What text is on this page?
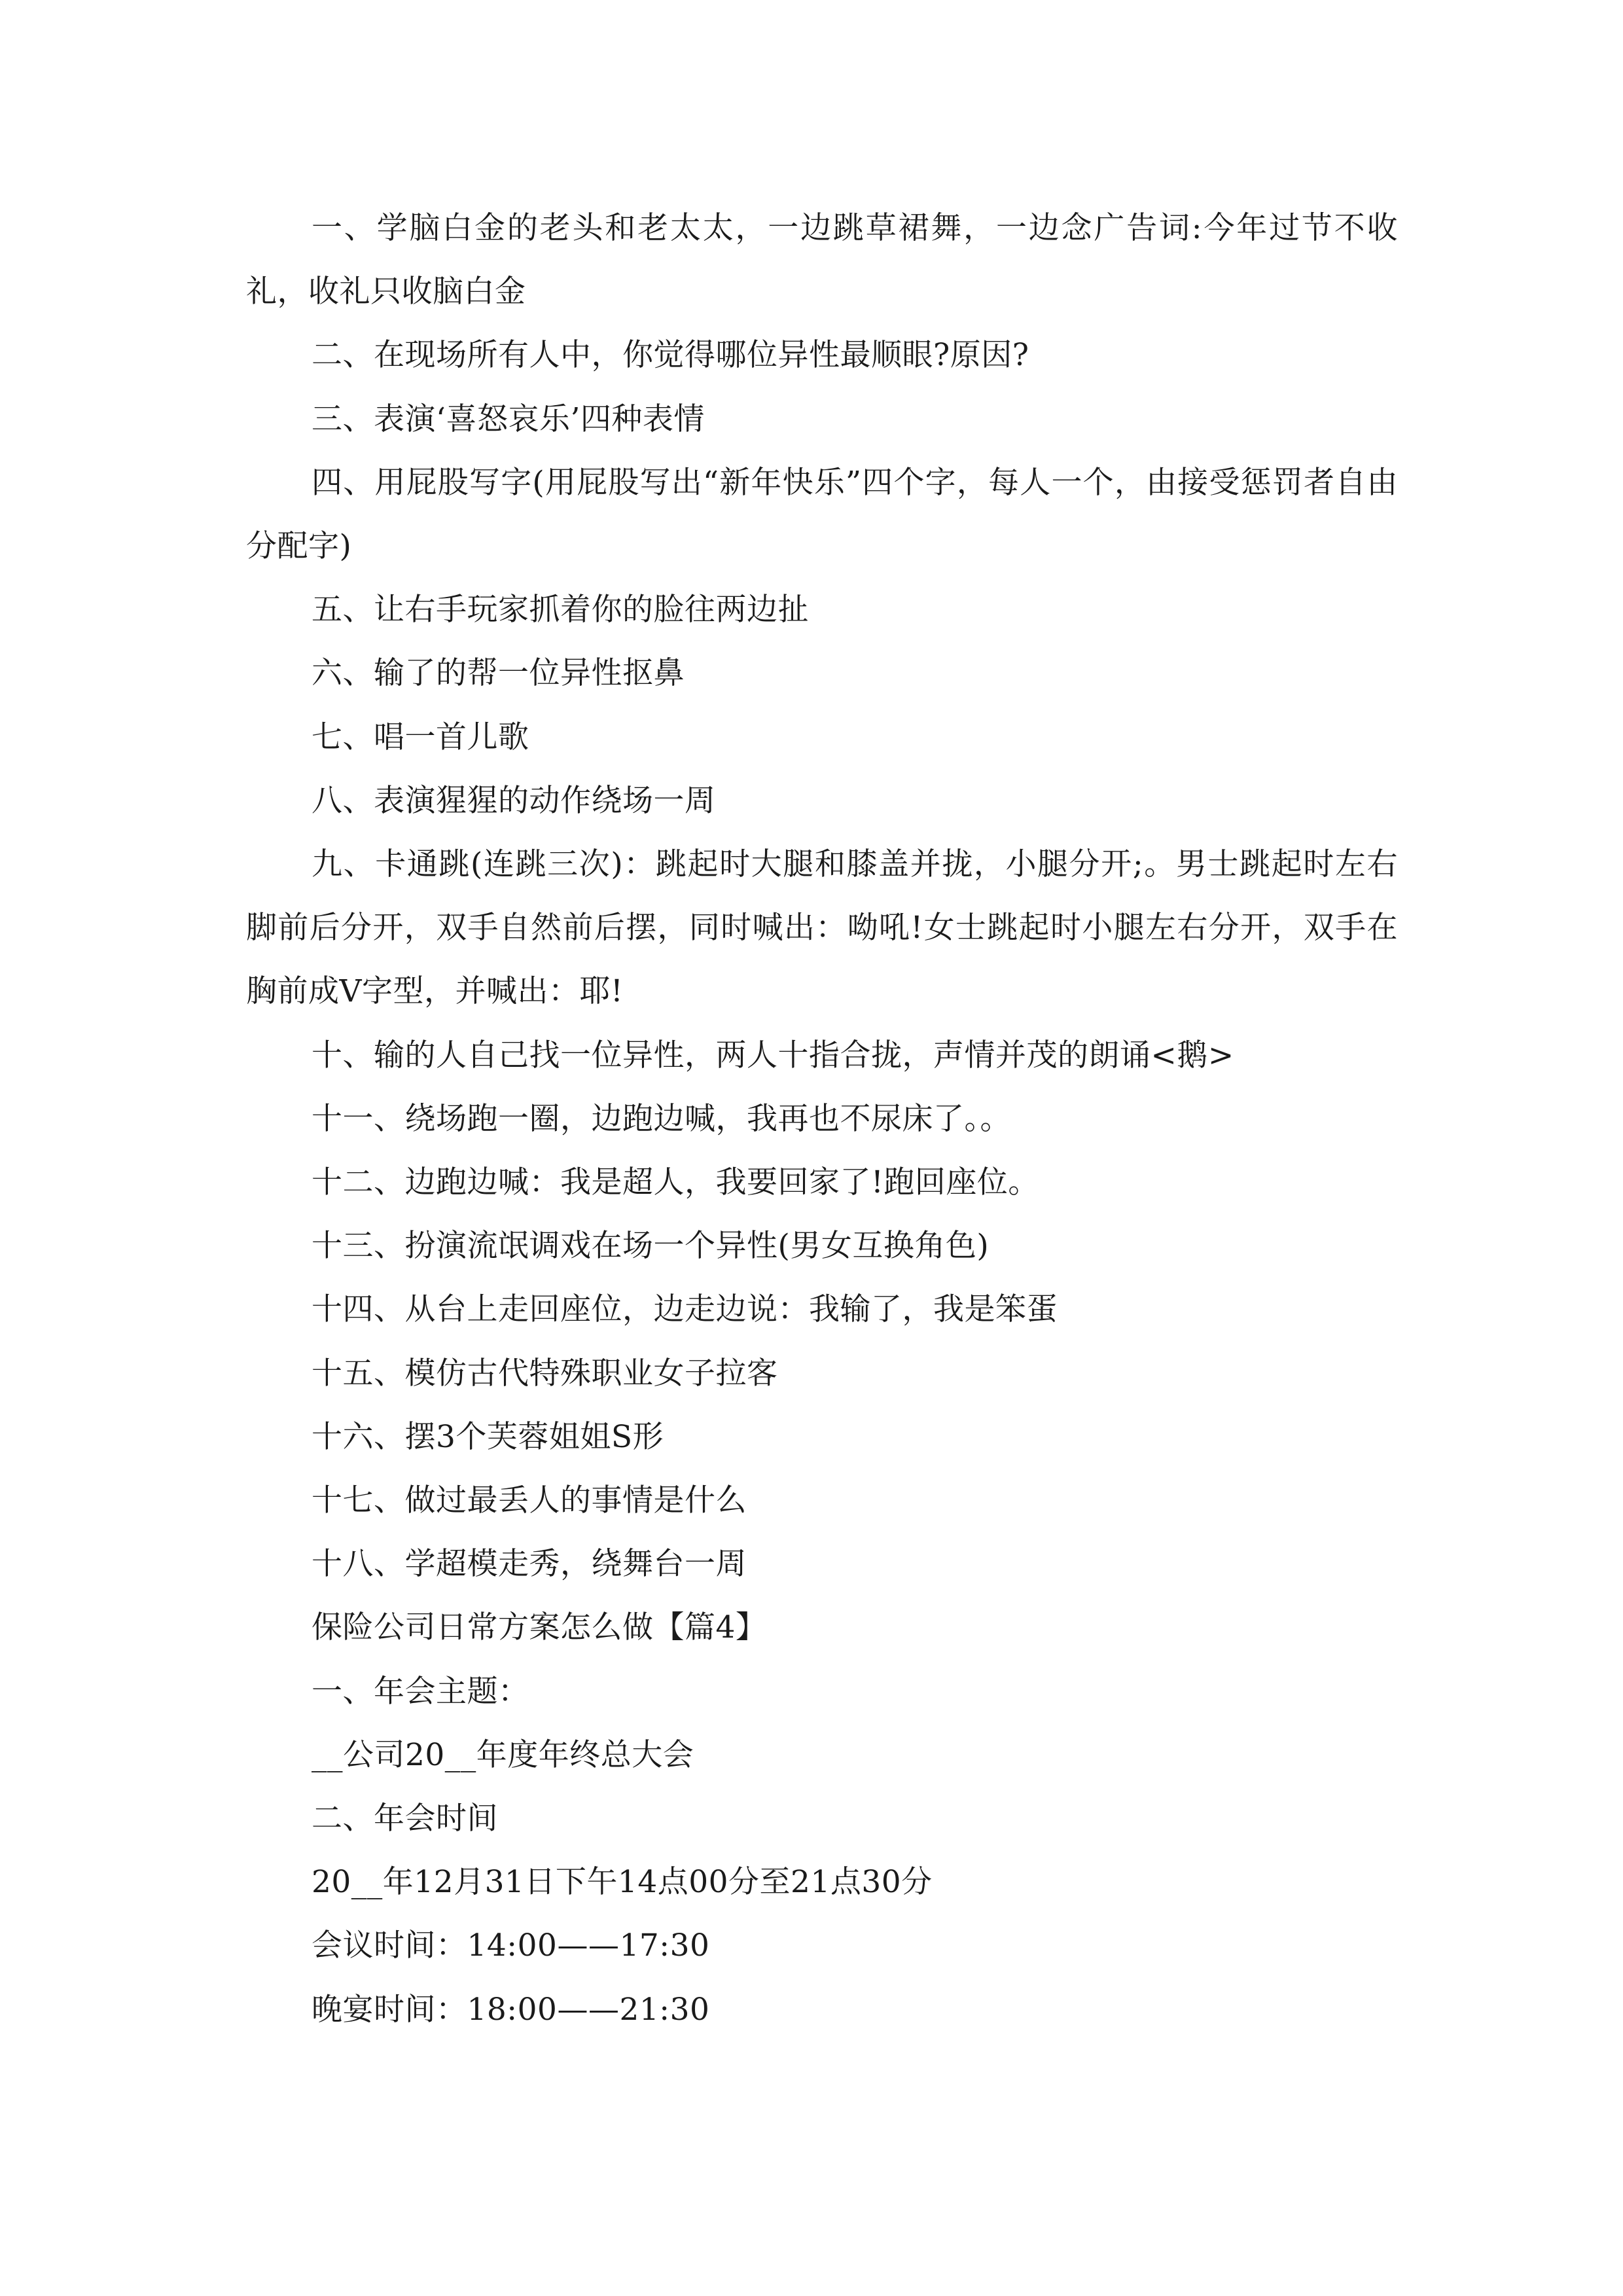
一、学脑白金的老头和老太太，一边跳草裙舞，一边念广告词:今年过节不收礼，收礼只收脑白金

二、在现场所有人中，你觉得哪位异性最顺眼?原因?

三、表演‘喜怒哀乐’四种表情

四、用屁股写字(用屁股写出“新年快乐”四个字，每人一个，由接受惩罚者自由分配字)

五、让右手玩家抓着你的脸往两边扯

六、输了的帮一位异性抠鼻

七、唱一首儿歌

八、表演猩猩的动作绕场一周

九、卡通跳(连跳三次)：跳起时大腿和膝盖并拢，小腿分开;。男士跳起时左右脚前后分开，双手自然前后摆，同时喊出：呦吼!女士跳起时小腿左右分开，双手在胸前成V字型，并喊出：耶!

十、输的人自己找一位异性，两人十指合拢，声情并茂的朗诵<鹅>

十一、绕场跑一圈，边跑边喊，我再也不尿床了。。

十二、边跑边喊：我是超人，我要回家了!跑回座位。

十三、扮演流氓调戏在场一个异性(男女互换角色)

十四、从台上走回座位，边走边说：我输了，我是笨蛋

十五、模仿古代特殊职业女子拉客

十六、摆3个芙蓉姐姐S形

十七、做过最丢人的事情是什么

十八、学超模走秀，绕舞台一周

保险公司日常方案怎么做【篇4】

一、年会主题：

__公司20__年度年终总大会

二、年会时间

20__年12月31日下午14点00分至21点30分

会议时间：14:00——17:30

晚宴时间：18:00——21:30
